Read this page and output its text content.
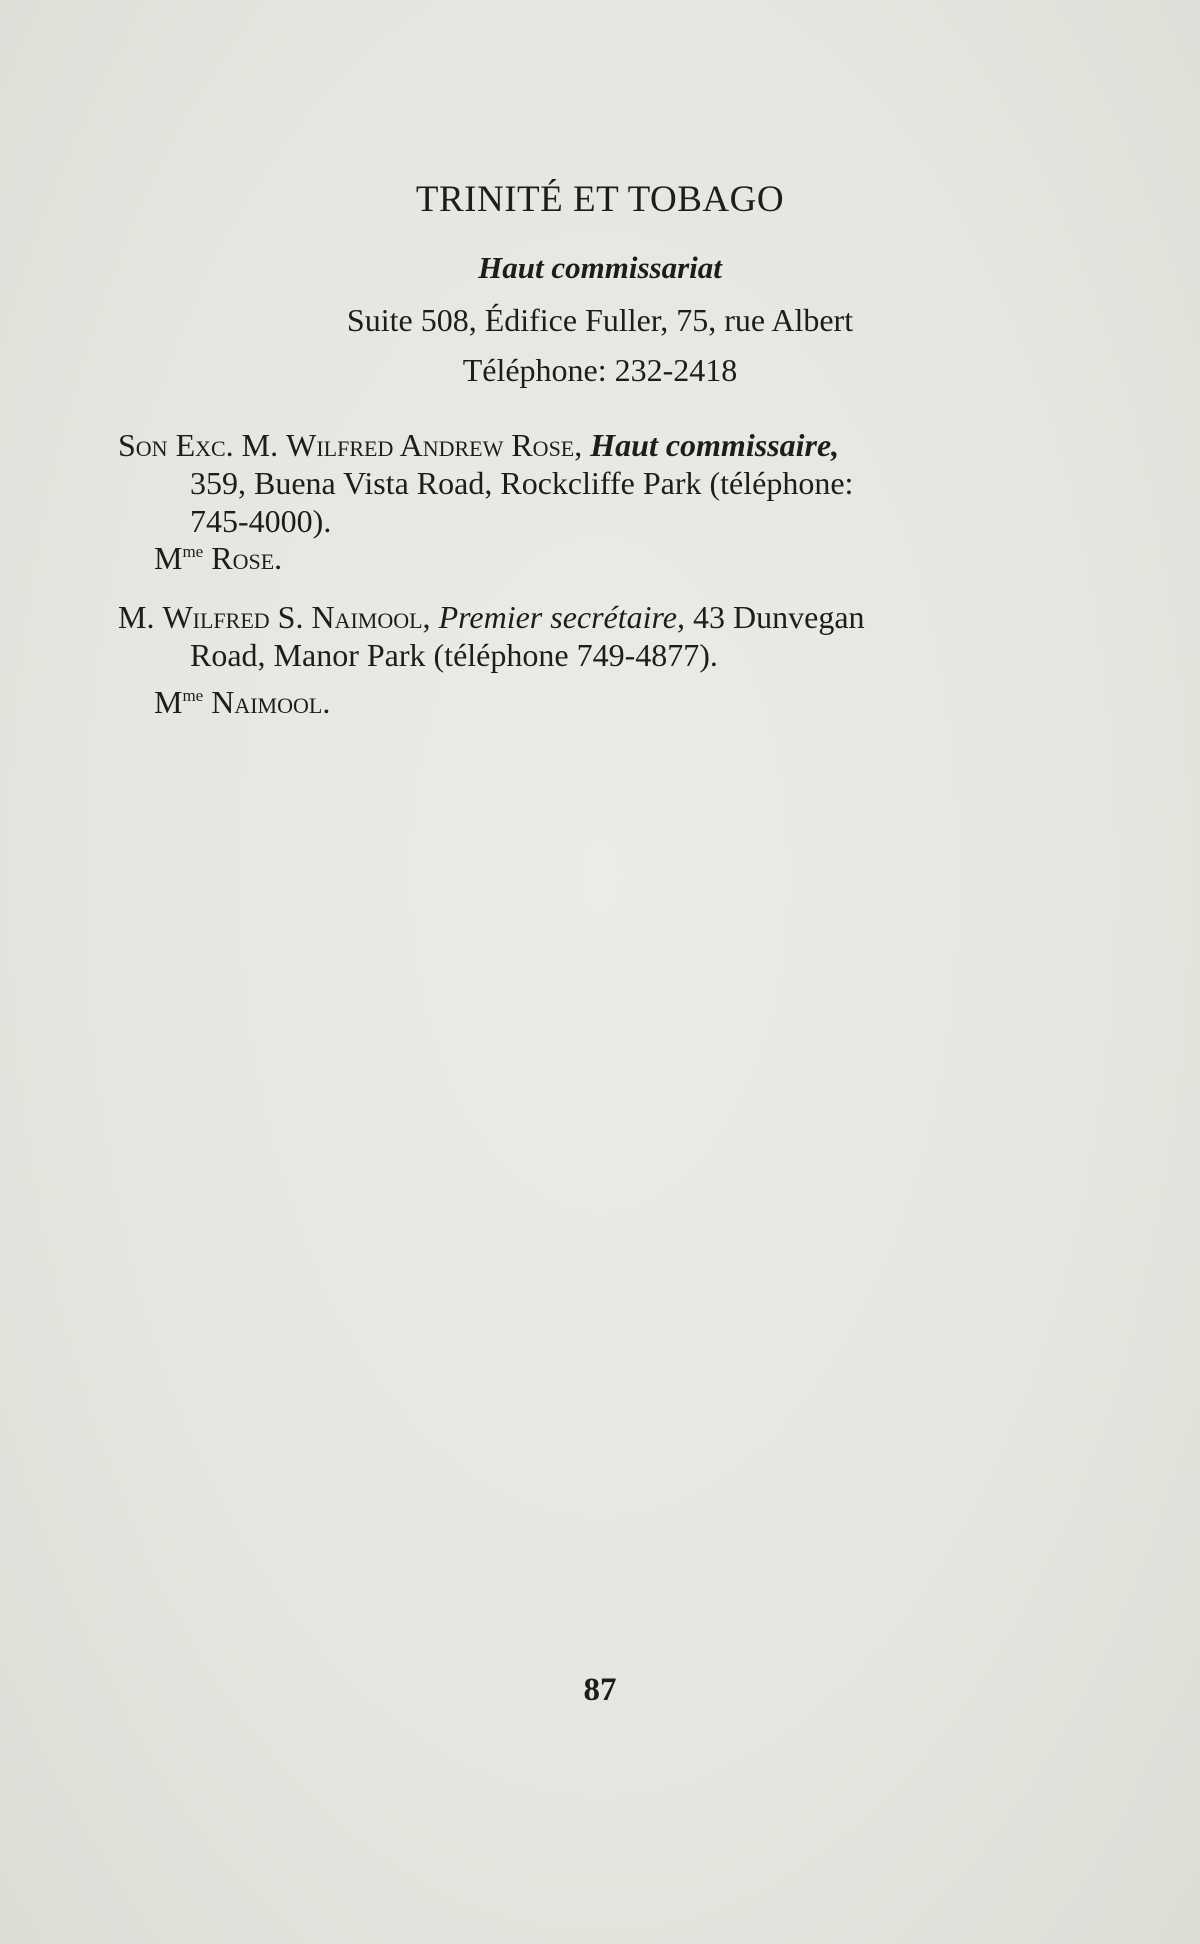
TRINITÉ ET TOBAGO
Haut commissariat
Suite 508, Édifice Fuller, 75, rue Albert
Téléphone: 232-2418
Son Exc. M. Wilfred Andrew Rose, Haut commissaire,
359, Buena Vista Road, Rockcliffe Park (téléphone:
745-4000).
$M^{me}$ Rose.
M. Wilfred S. Naimool, Premier secrétaire, 43 Dunvegan
Road, Manor Park (téléphone 749-4877).
$M^{me}$ Naimool.
87
